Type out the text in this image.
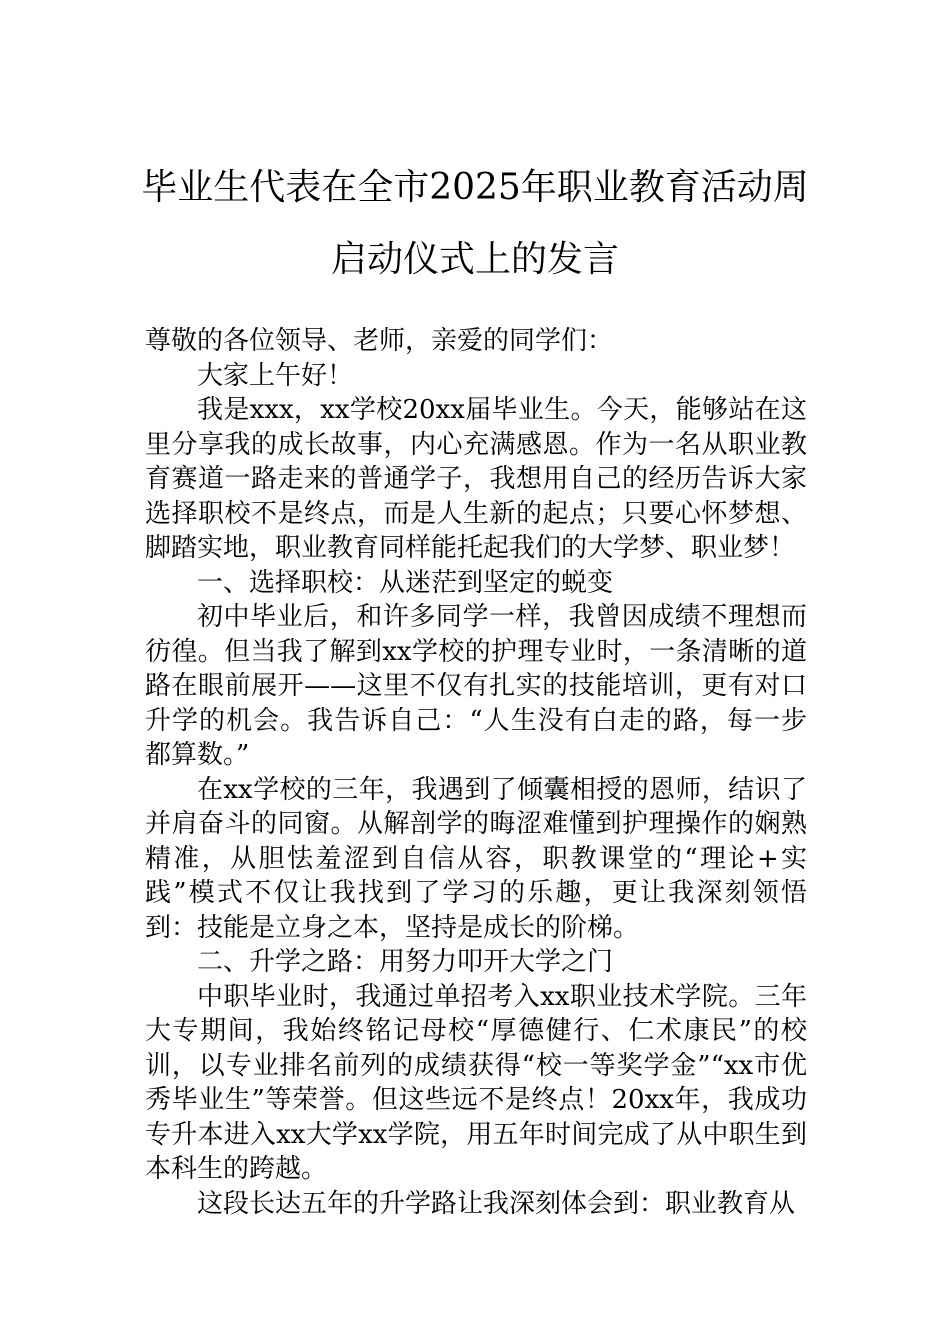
毕业生代表在全市2025年职业教育活动周
启动仪式上的发言

尊敬的各位领导、老师，亲爱的同学们：

大家上午好！

我是xxx，xx学校20xx届毕业生。今天，能够站在这里分享我的成长故事，内心充满感恩。作为一名从职业教育赛道一路走来的普通学子，我想用自己的经历告诉大家选择职校不是终点，而是人生新的起点；只要心怀梦想、脚踏实地，职业教育同样能托起我们的大学梦、职业梦！

一、选择职校：从迷茫到坚定的蜕变

初中毕业后，和许多同学一样，我曾因成绩不理想而彷徨。但当我了解到xx学校的护理专业时，一条清晰的道路在眼前展开——这里不仅有扎实的技能培训，更有对口升学的机会。我告诉自己：“人生没有白走的路，每一步都算数。”

在xx学校的三年，我遇到了倾囊相授的恩师，结识了并肩奋斗的同窗。从解剖学的晦涩难懂到护理操作的娴熟精准，从胆怯羞涩到自信从容，职教课堂的“理论+实践”模式不仅让我找到了学习的乐趣，更让我深刻领悟到：技能是立身之本，坚持是成长的阶梯。

二、升学之路：用努力叩开大学之门

中职毕业时，我通过单招考入xx职业技术学院。三年大专期间，我始终铭记母校“厚德健行、仁术康民”的校训，以专业排名前列的成绩获得“校一等奖学金”“xx市优秀毕业生”等荣誉。但这些远不是终点！20xx年，我成功专升本进入xx大学xx学院，用五年时间完成了从中职生到本科生的跨越。

这段长达五年的升学路让我深刻体会到：职业教育从
